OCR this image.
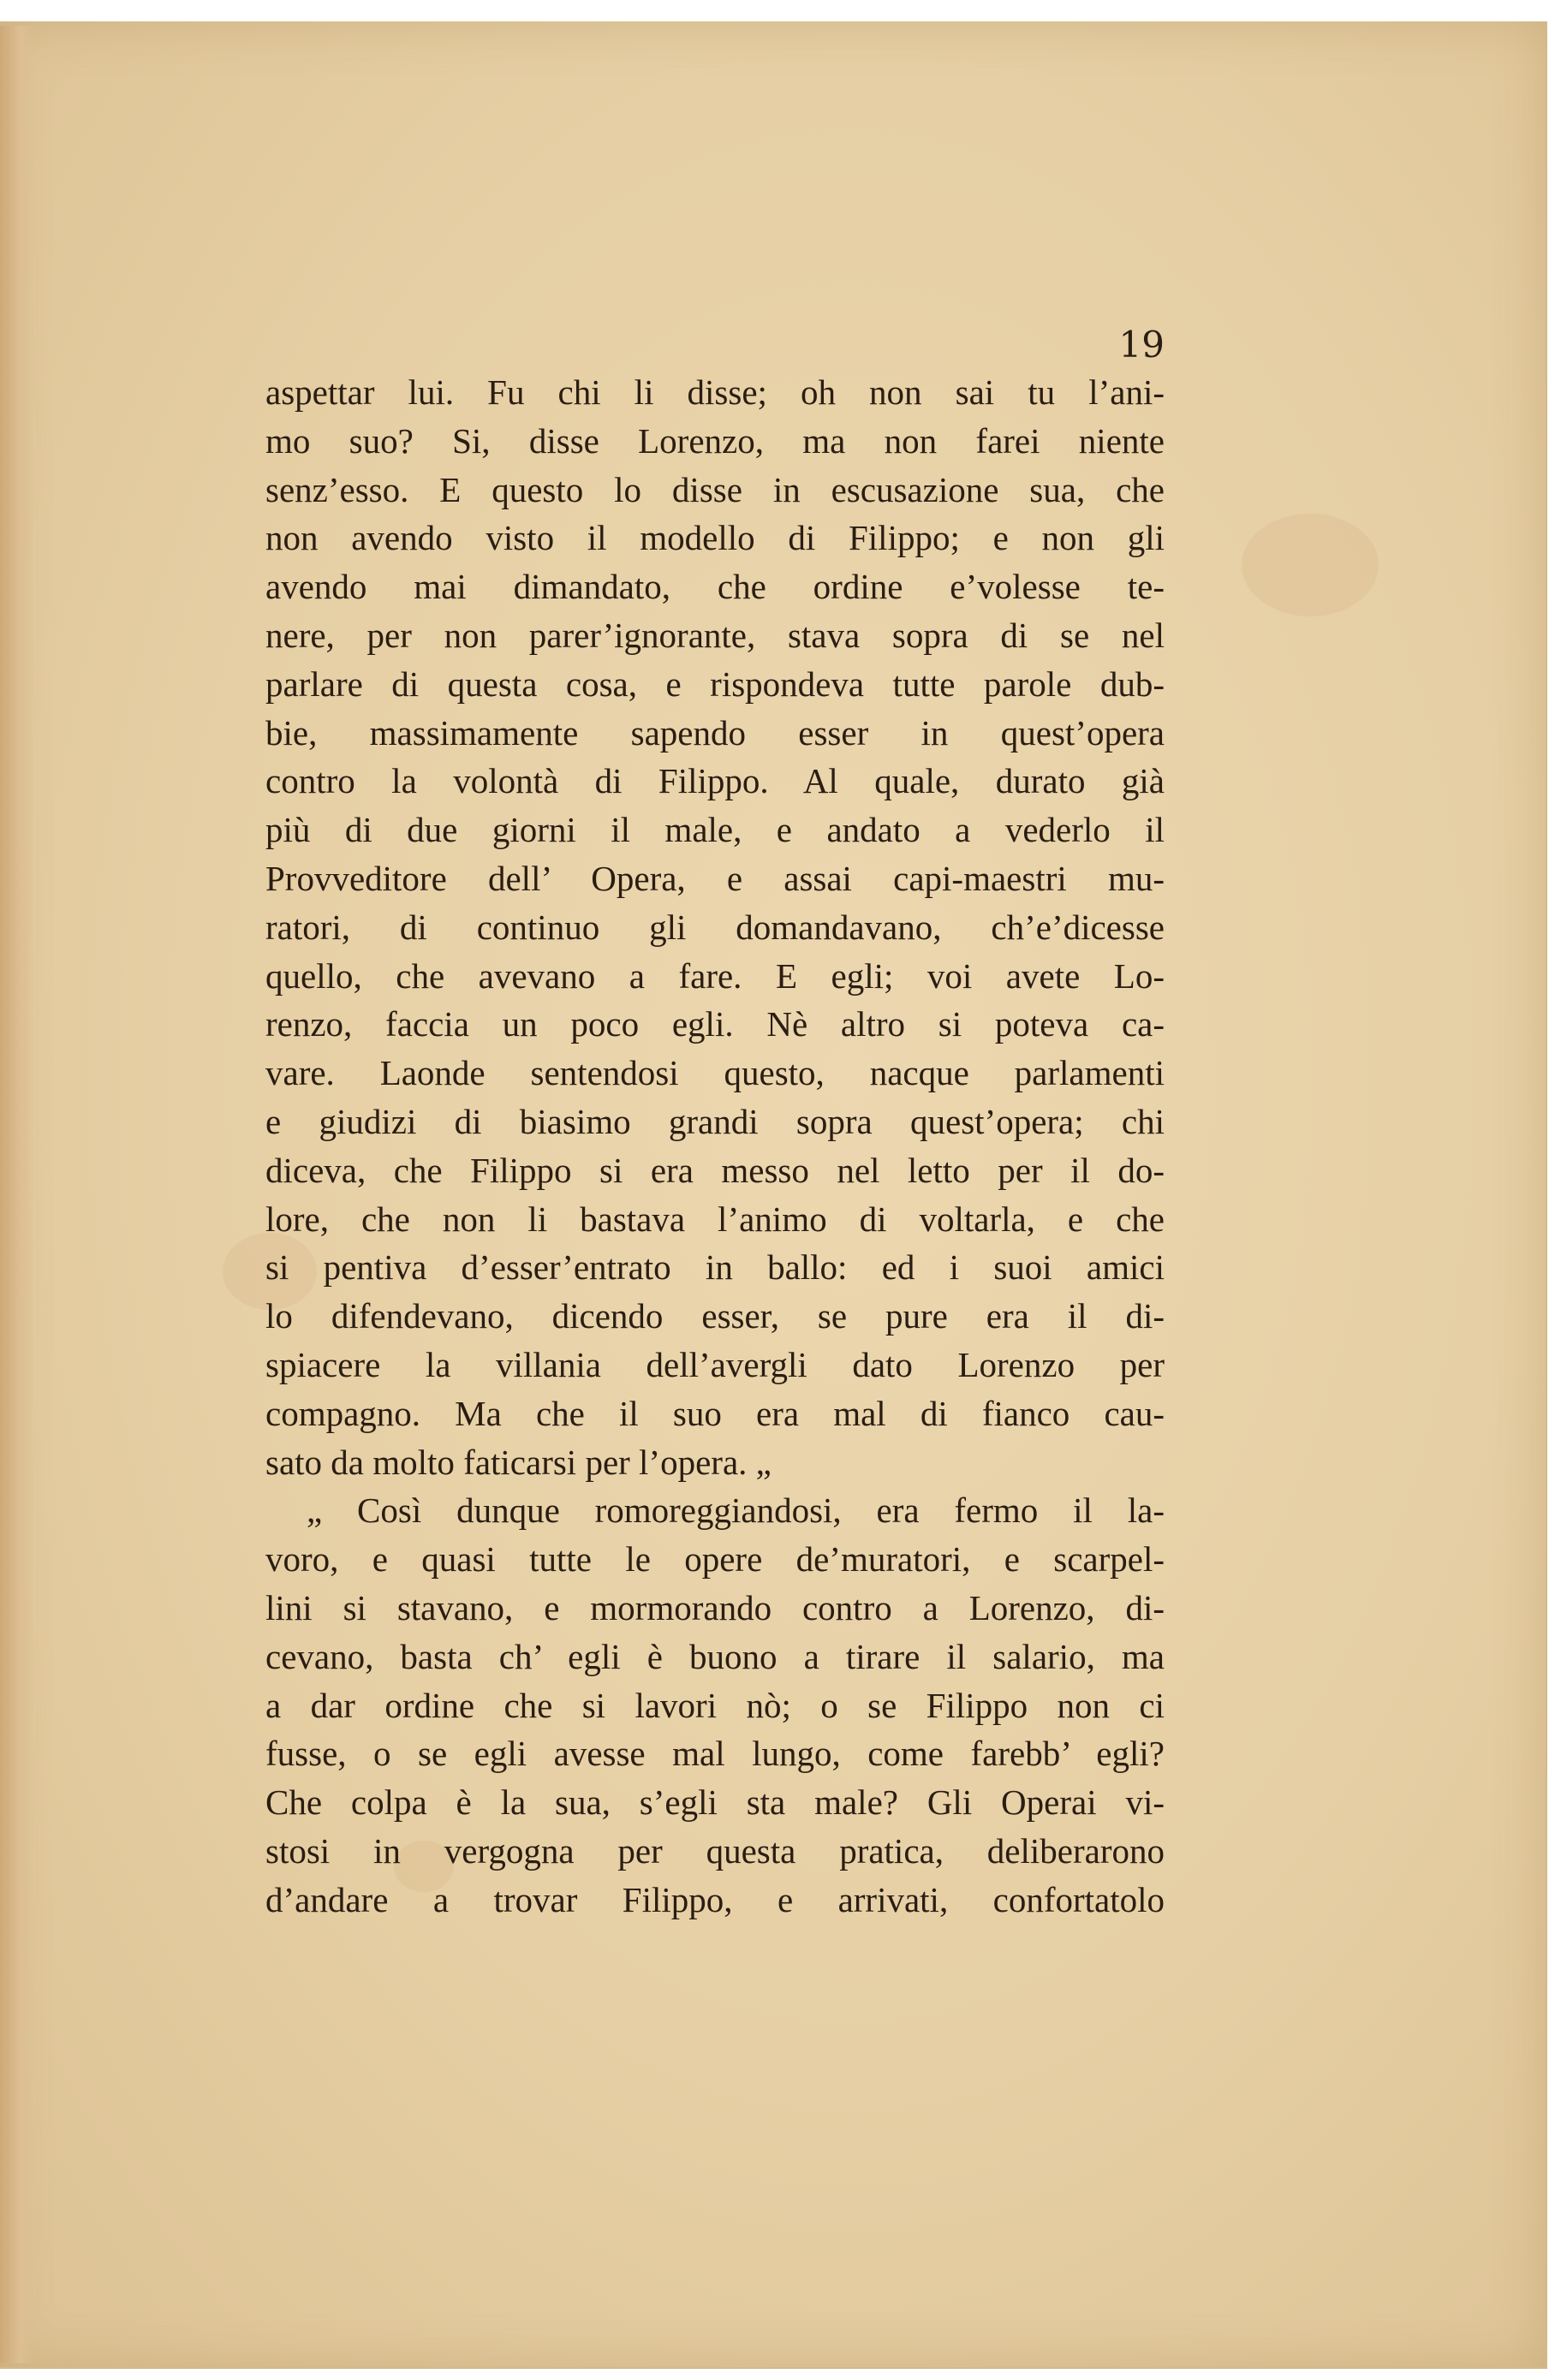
19
aspettar lui. Fu chi li disse; oh non sai tu l’ani-
mo suo? Si, disse Lorenzo, ma non farei niente
senz’esso. E questo lo disse in escusazione sua, che
non avendo visto il modello di Filippo; e non gli
avendo mai dimandato, che ordine e’volesse te-
nere, per non parer’ignorante, stava sopra di se nel
parlare di questa cosa, e rispondeva tutte parole dub-
bie, massimamente sapendo esser in quest’opera
contro la volontà di Filippo. Al quale, durato già
più di due giorni il male, e andato a vederlo il
Provveditore dell’ Opera, e assai capi-maestri mu-
ratori, di continuo gli domandavano, ch’e’dicesse
quello, che avevano a fare. E egli; voi avete Lo-
renzo, faccia un poco egli. Nè altro si poteva ca-
vare. Laonde sentendosi questo, nacque parlamenti
e giudizi di biasimo grandi sopra quest’opera; chi
diceva, che Filippo si era messo nel letto per il do-
lore, che non li bastava l’animo di voltarla, e che
si pentiva d’esser’entrato in ballo: ed i suoi amici
lo difendevano, dicendo esser, se pure era il di-
spiacere la villania dell’avergli dato Lorenzo per
compagno. Ma che il suo era mal di fianco cau-
sato da molto faticarsi per l’opera. „
„ Così dunque romoreggiandosi, era fermo il la-
voro, e quasi tutte le opere de’muratori, e scarpel-
lini si stavano, e mormorando contro a Lorenzo, di-
cevano, basta ch’ egli è buono a tirare il salario, ma
a dar ordine che si lavori nò; o se Filippo non ci
fusse, o se egli avesse mal lungo, come farebb’ egli?
Che colpa è la sua, s’egli sta male? Gli Operai vi-
stosi in vergogna per questa pratica, deliberarono
d’andare a trovar Filippo, e arrivati, confortatolo
